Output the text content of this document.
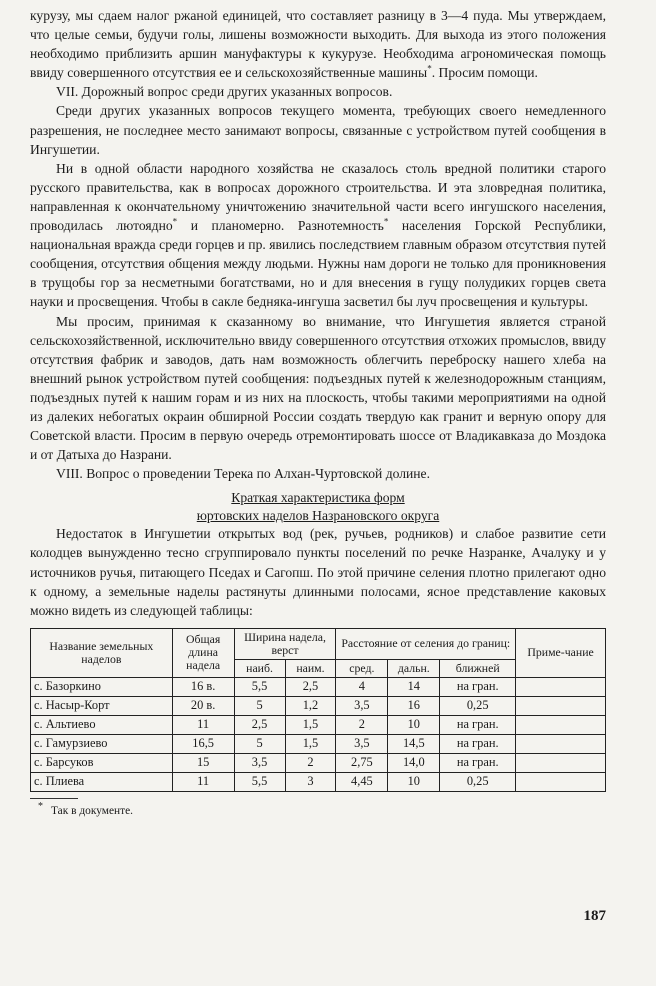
курузу, мы сдаем налог ржаной единицей, что составляет разницу в 3—4 пуда. Мы утверждаем, что целые семьи, будучи голы, лишены возможности выходить. Для выхода из этого положения необходимо приблизить аршин мануфактуры к кукурузе. Необходима агрономическая помощь ввиду совершенного отсутствия ее и сельскохозяйственные машины*. Просим помощи.

VII. Дорожный вопрос среди других указанных вопросов.

Среди других указанных вопросов текущего момента, требующих своего немедленного разрешения, не последнее место занимают вопросы, связанные с устройством путей сообщения в Ингушетии.

Ни в одной области народного хозяйства не сказалось столь вредной политики старого русского правительства, как в вопросах дорожного строительства. И эта зловредная политика, направленная к окончательному уничтожению значительной части всего ингушского населения, проводилась лютоядно* и планомерно. Разнотемность* населения Горской Республики, национальная вражда среди горцев и пр. явились последствием главным образом отсутствия путей сообщения, отсутствия общения между людьми. Нужны нам дороги не только для проникновения в трущобы гор за несметными богатствами, но и для внесения в гущу полудиких горцев света науки и просвещения. Чтобы в сакле бедняка-ингуша засветил бы луч просвещения и культуры.

Мы просим, принимая к сказанному во внимание, что Ингушетия является страной сельскохозяйственной, исключительно ввиду совершенного отсутствия отхожих промыслов, ввиду отсутствия фабрик и заводов, дать нам возможность облегчить переброску нашего хлеба на внешний рынок устройством путей сообщения: подъездных путей к железнодорожным станциям, подъездных путей к нашим горам и из них на плоскость, чтобы такими мероприятиями на одной из далеких небогатых окраин обширной России создать твердую как гранит и верную опору для Советской власти. Просим в первую очередь отремонтировать шоссе от Владикавказа до Моздока и от Датыха до Назрани.

VIII. Вопрос о проведении Терека по Алхан-Чуртовской долине.

Краткая характеристика форм
юртовских наделов Назрановского округа

Недостаток в Ингушетии открытых вод (рек, ручьев, родников) и слабое развитие сети колодцев вынужденно тесно сгруппировало пункты поселений по речке Назранке, Ачалуку и у источников ручья, питающего Пседах и Сагопш. По этой причине селения плотно прилегают одно к одному, а земельные наделы растянуты длинными полосами, ясное представление каковых можно видеть из следующей таблицы:

Название земельных наделов	Общая длина надела	Ширина надела, верст		Расстояние от селения до границ:			Приме-чание
		наиб.	наим.	сред.	дальн.	ближней	
с. Базоркино	16 в.	5,5	2,5	4	14	на гран.	
с. Насыр-Корт	20 в.	5	1,2	3,5	16	0,25	
с. Альтиево	11	2,5	1,5	2	10	на гран.	
с. Гамурзиево	16,5	5	1,5	3,5	14,5	на гран.	
с. Барсуков	15	3,5	2	2,75	14,0	на гран.	
с. Плиева	11	5,5	3	4,45	10	0,25	

* Так в документе.

187
